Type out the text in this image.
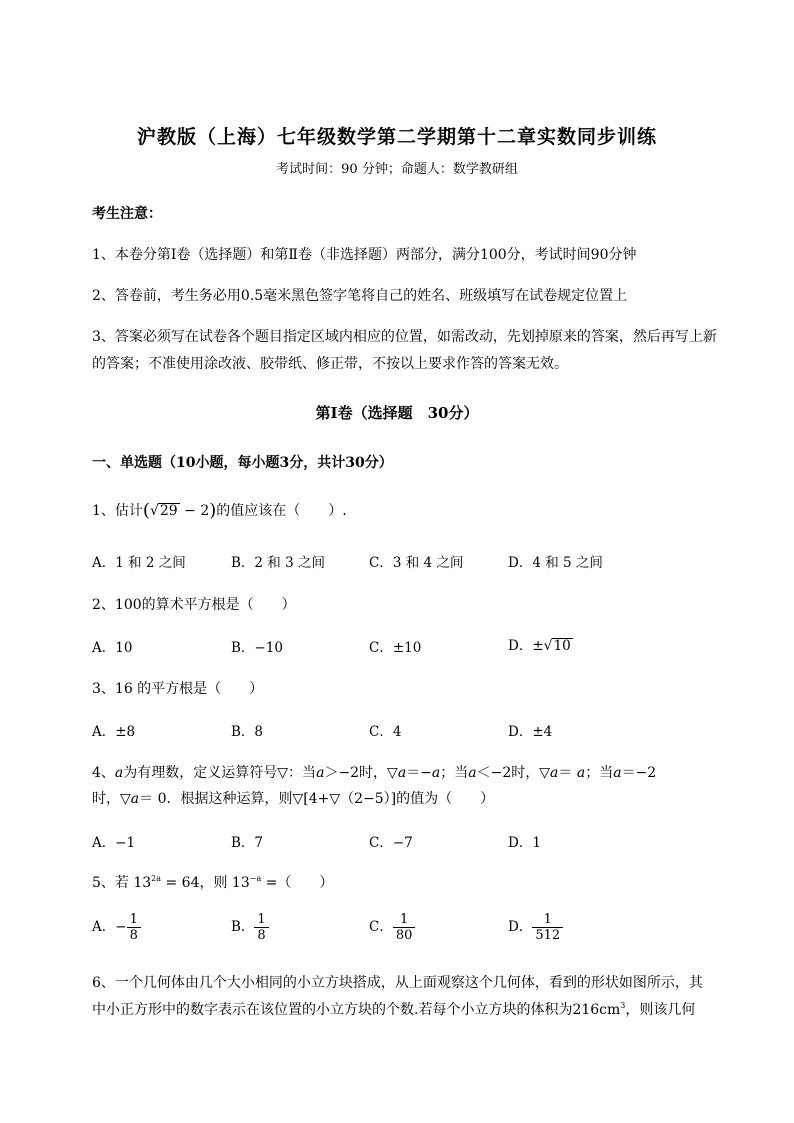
沪教版（上海）七年级数学第二学期第十二章实数同步训练
考试时间：90 分钟；命题人：数学教研组
考生注意：
1、本卷分第I卷（选择题）和第Ⅱ卷（非选择题）两部分，满分100分，考试时间90分钟
2、答卷前，考生务必用0.5毫米黑色签字笔将自己的姓名、班级填写在试卷规定位置上
3、答案必须写在试卷各个题目指定区域内相应的位置，如需改动，先划掉原来的答案，然后再写上新
的答案；不准使用涂改液、胶带纸、修正带，不按以上要求作答的答案无效。
第I卷（选择题　30分）
一、单选题（10小题，每小题3分，共计30分）
1、估计(√29 − 2)的值应该在（　　）.
A．1 和 2 之间	B．2 和 3 之间	C．3 和 4 之间	D．4 和 5 之间
2、100的算术平方根是（　　）
A．10	B．−10	C．±10	D．±√10
3、16 的平方根是（　　）
A．±8	B．8	C．4	D．±4
4、a为有理数，定义运算符号▽：当a＞−2时，▽a＝−a；当a＜−2时，▽a＝ a；当a＝−2
时，▽a＝ 0．根据这种运算，则▽[4+▽（2−5）]的值为（　　）
A．−1	B．7	C．−7	D．1
5、若 $13^{2a} = 64$，则 $13^{-a}$ =（　　）
A．− $\frac{1}{8}$	B． $\frac{1}{8}$	C． $\frac{1}{80}$	D． $\frac{1}{512}$
6、一个几何体由几个大小相同的小立方块搭成，从上面观察这个几何体，看到的形状如图所示，其
中小正方形中的数字表示在该位置的小立方块的个数.若每个小立方块的体积为$216cm^3$，则该几何
